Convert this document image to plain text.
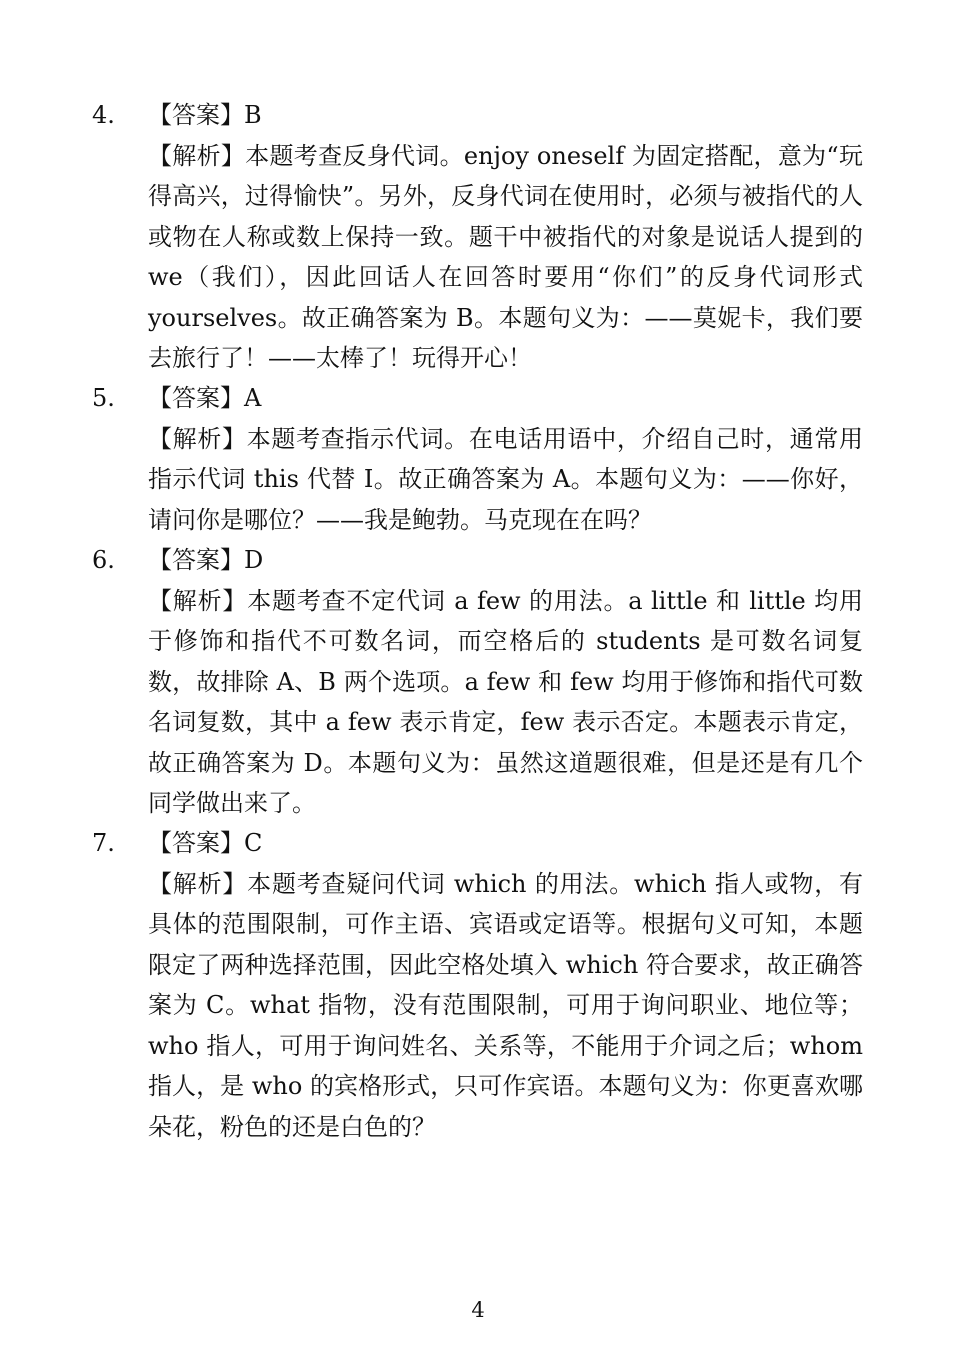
4. 【答案】B
【解析】本题考查反身代词。enjoy oneself 为固定搭配，意为“玩得高兴，过得愉快”。另外，反身代词在使用时，必须与被指代的人或物在人称或数上保持一致。题干中被指代的对象是说话人提到的 we（我们），因此回话人在回答时要用“你们”的反身代词形式 yourselves。故正确答案为 B。本题句义为：——莫妮卡，我们要去旅行了！——太棒了！玩得开心！
5. 【答案】A
【解析】本题考查指示代词。在电话用语中，介绍自己时，通常用指示代词 this 代替 I。故正确答案为 A。本题句义为：——你好，请问你是哪位？——我是鲍勃。马克现在在吗？
6. 【答案】D
【解析】本题考查不定代词 a few 的用法。a little 和 little 均用于修饰和指代不可数名词，而空格后的 students 是可数名词复数，故排除 A、B 两个选项。a few 和 few 均用于修饰和指代可数名词复数，其中 a few 表示肯定，few 表示否定。本题表示肯定，故正确答案为 D。本题句义为：虽然这道题很难，但是还是有几个同学做出来了。
7. 【答案】C
【解析】本题考查疑问代词 which 的用法。which 指人或物，有具体的范围限制，可作主语、宾语或定语等。根据句义可知，本题限定了两种选择范围，因此空格处填入 which 符合要求，故正确答案为 C。what 指物，没有范围限制，可用于询问职业、地位等；who 指人，可用于询问姓名、关系等，不能用于介词之后；whom 指人，是 who 的宾格形式，只可作宾语。本题句义为：你更喜欢哪朵花，粉色的还是白色的？
4
